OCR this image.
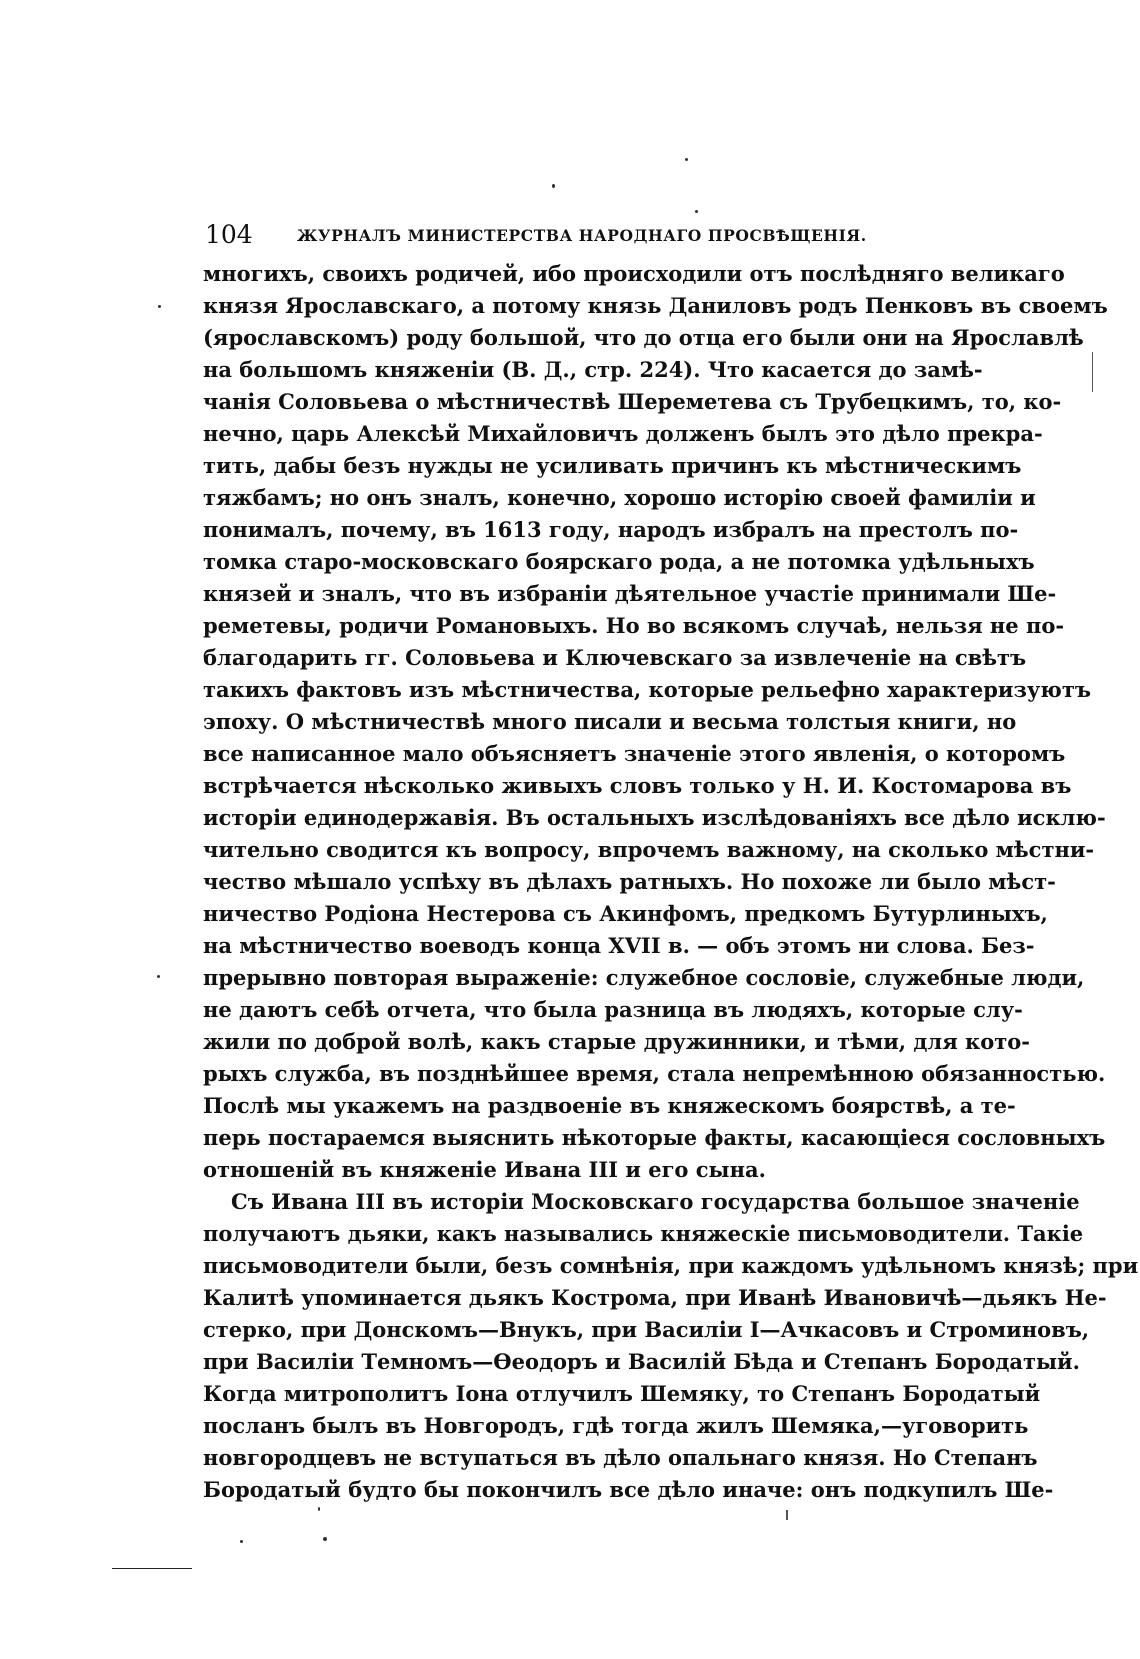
104	ЖУРНАЛЪ МИНИСТЕРСТВА НАРОДНАГО ПРОСВѢЩЕНІЯ.
многихъ, своихъ родичей, ибо происходили отъ послѣдняго великаго
князя Ярославскаго, а потому князь Даниловъ родъ Пенковъ въ своемъ
(ярославскомъ) роду большой, что до отца его были они на Ярославлѣ
на большомъ княженіи (В. Д., стр. 224). Что касается до замѣ-
чанія Соловьева о мѣстничествѣ Шереметева съ Трубецкимъ, то, ко-
нечно, царь Алексѣй Михайловичъ долженъ былъ это дѣло прекра-
тить, дабы безъ нужды не усиливать причинъ къ мѣстническимъ
тяжбамъ; но онъ зналъ, конечно, хорошо исторію своей фамиліи и
понималъ, почему, въ 1613 году, народъ избралъ на престолъ по-
томка старо-московскаго боярскаго рода, а не потомка удѣльныхъ
князей и зналъ, что въ избраніи дѣятельное участіе принимали Ше-
реметевы, родичи Романовыхъ. Но во всякомъ случаѣ, нельзя не по-
благодарить гг. Соловьева и Ключевскаго за извлеченіе на свѣтъ
такихъ фактовъ изъ мѣстничества, которые рельефно характеризуютъ
эпоху. О мѣстничествѣ много писали и весьма толстыя книги, но
все написанное мало объясняетъ значеніе этого явленія, о которомъ
встрѣчается нѣсколько живыхъ словъ только у Н. И. Костомарова въ
исторіи единодержавія. Въ остальныхъ изслѣдованіяхъ все дѣло исклю-
чительно сводится къ вопросу, впрочемъ важному, на сколько мѣстни-
чество мѣшало успѣху въ дѣлахъ ратныхъ. Но похоже ли было мѣст-
ничество Родіона Нестерова съ Акинфомъ, предкомъ Бутурлиныхъ,
на мѣстничество воеводъ конца XVII в. — объ этомъ ни слова. Без-
прерывно повторая выраженіе: служебное сословіе, служебные люди,
не даютъ себѣ отчета, что была разница въ людяхъ, которые слу-
жили по доброй волѣ, какъ старые дружинники, и тѣми, для кото-
рыхъ служба, въ позднѣйшее время, стала непремѣнною обязанностью.
Послѣ мы укажемъ на раздвоеніе въ княжескомъ боярствѣ, а те-
перь постараемся выяснить нѣкоторые факты, касающіеся сословныхъ
отношеній въ княженіе Ивана III и его сына.
Съ Ивана III въ исторіи Московскаго государства большое значеніе
получаютъ дьяки, какъ назывались княжескіе письмоводители. Такіе
письмоводители были, безъ сомнѣнія, при каждомъ удѣльномъ князѣ; при
Калитѣ упоминается дьякъ Кострома, при Иванѣ Ивановичѣ—дьякъ Не-
стерко, при Донскомъ—Внукъ, при Василіи I—Ачкасовъ и Строминовъ,
при Василіи Темномъ—Ѳеодоръ и Василій Бѣда и Степанъ Бородатый.
Когда митрополитъ Іона отлучилъ Шемяку, то Степанъ Бородатый
посланъ былъ въ Новгородъ, гдѣ тогда жилъ Шемяка,—уговорить
новгородцевъ не вступаться въ дѣло опальнаго князя. Но Степанъ
Бородатый будто бы покончилъ все дѣло иначе: онъ подкупилъ Ше-
